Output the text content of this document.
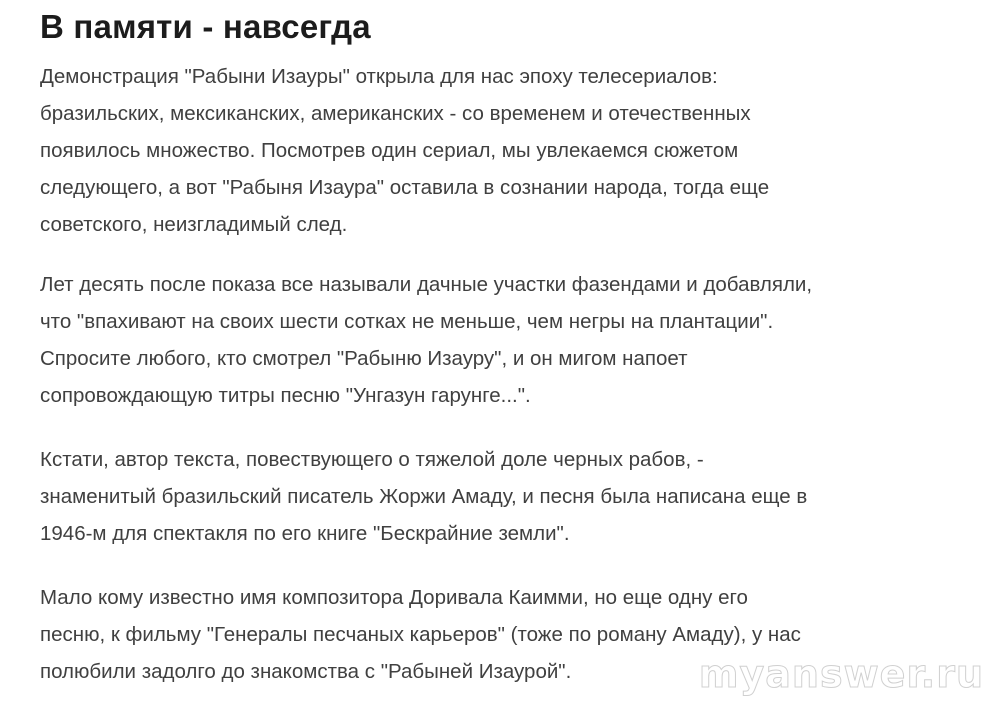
В памяти - навсегда

Демонстрация "Рабыни Изауры" открыла для нас эпоху телесериалов:
бразильских, мексиканских, американских - со временем и отечественных
появилось множество. Посмотрев один сериал, мы увлекаемся сюжетом
следующего, а вот "Рабыня Изаура" оставила в сознании народа, тогда еще
советского, неизгладимый след.

Лет десять после показа все называли дачные участки фазендами и добавляли,
что "впахивают на своих шести сотках не меньше, чем негры на плантации".
Спросите любого, кто смотрел "Рабыню Изауру", и он мигом напоет
сопровождающую титры песню "Унгазун гарунге...".

Кстати, автор текста, повествующего о тяжелой доле черных рабов, -
знаменитый бразильский писатель Жоржи Амаду, и песня была написана еще в
1946-м для спектакля по его книге "Бескрайние земли".

Мало кому известно имя композитора Доривала Каимми, но еще одну его
песню, к фильму "Генералы песчаных карьеров" (тоже по роману Амаду), у нас
полюбили задолго до знакомства с "Рабыней Изаурой".	myanswer.ru
